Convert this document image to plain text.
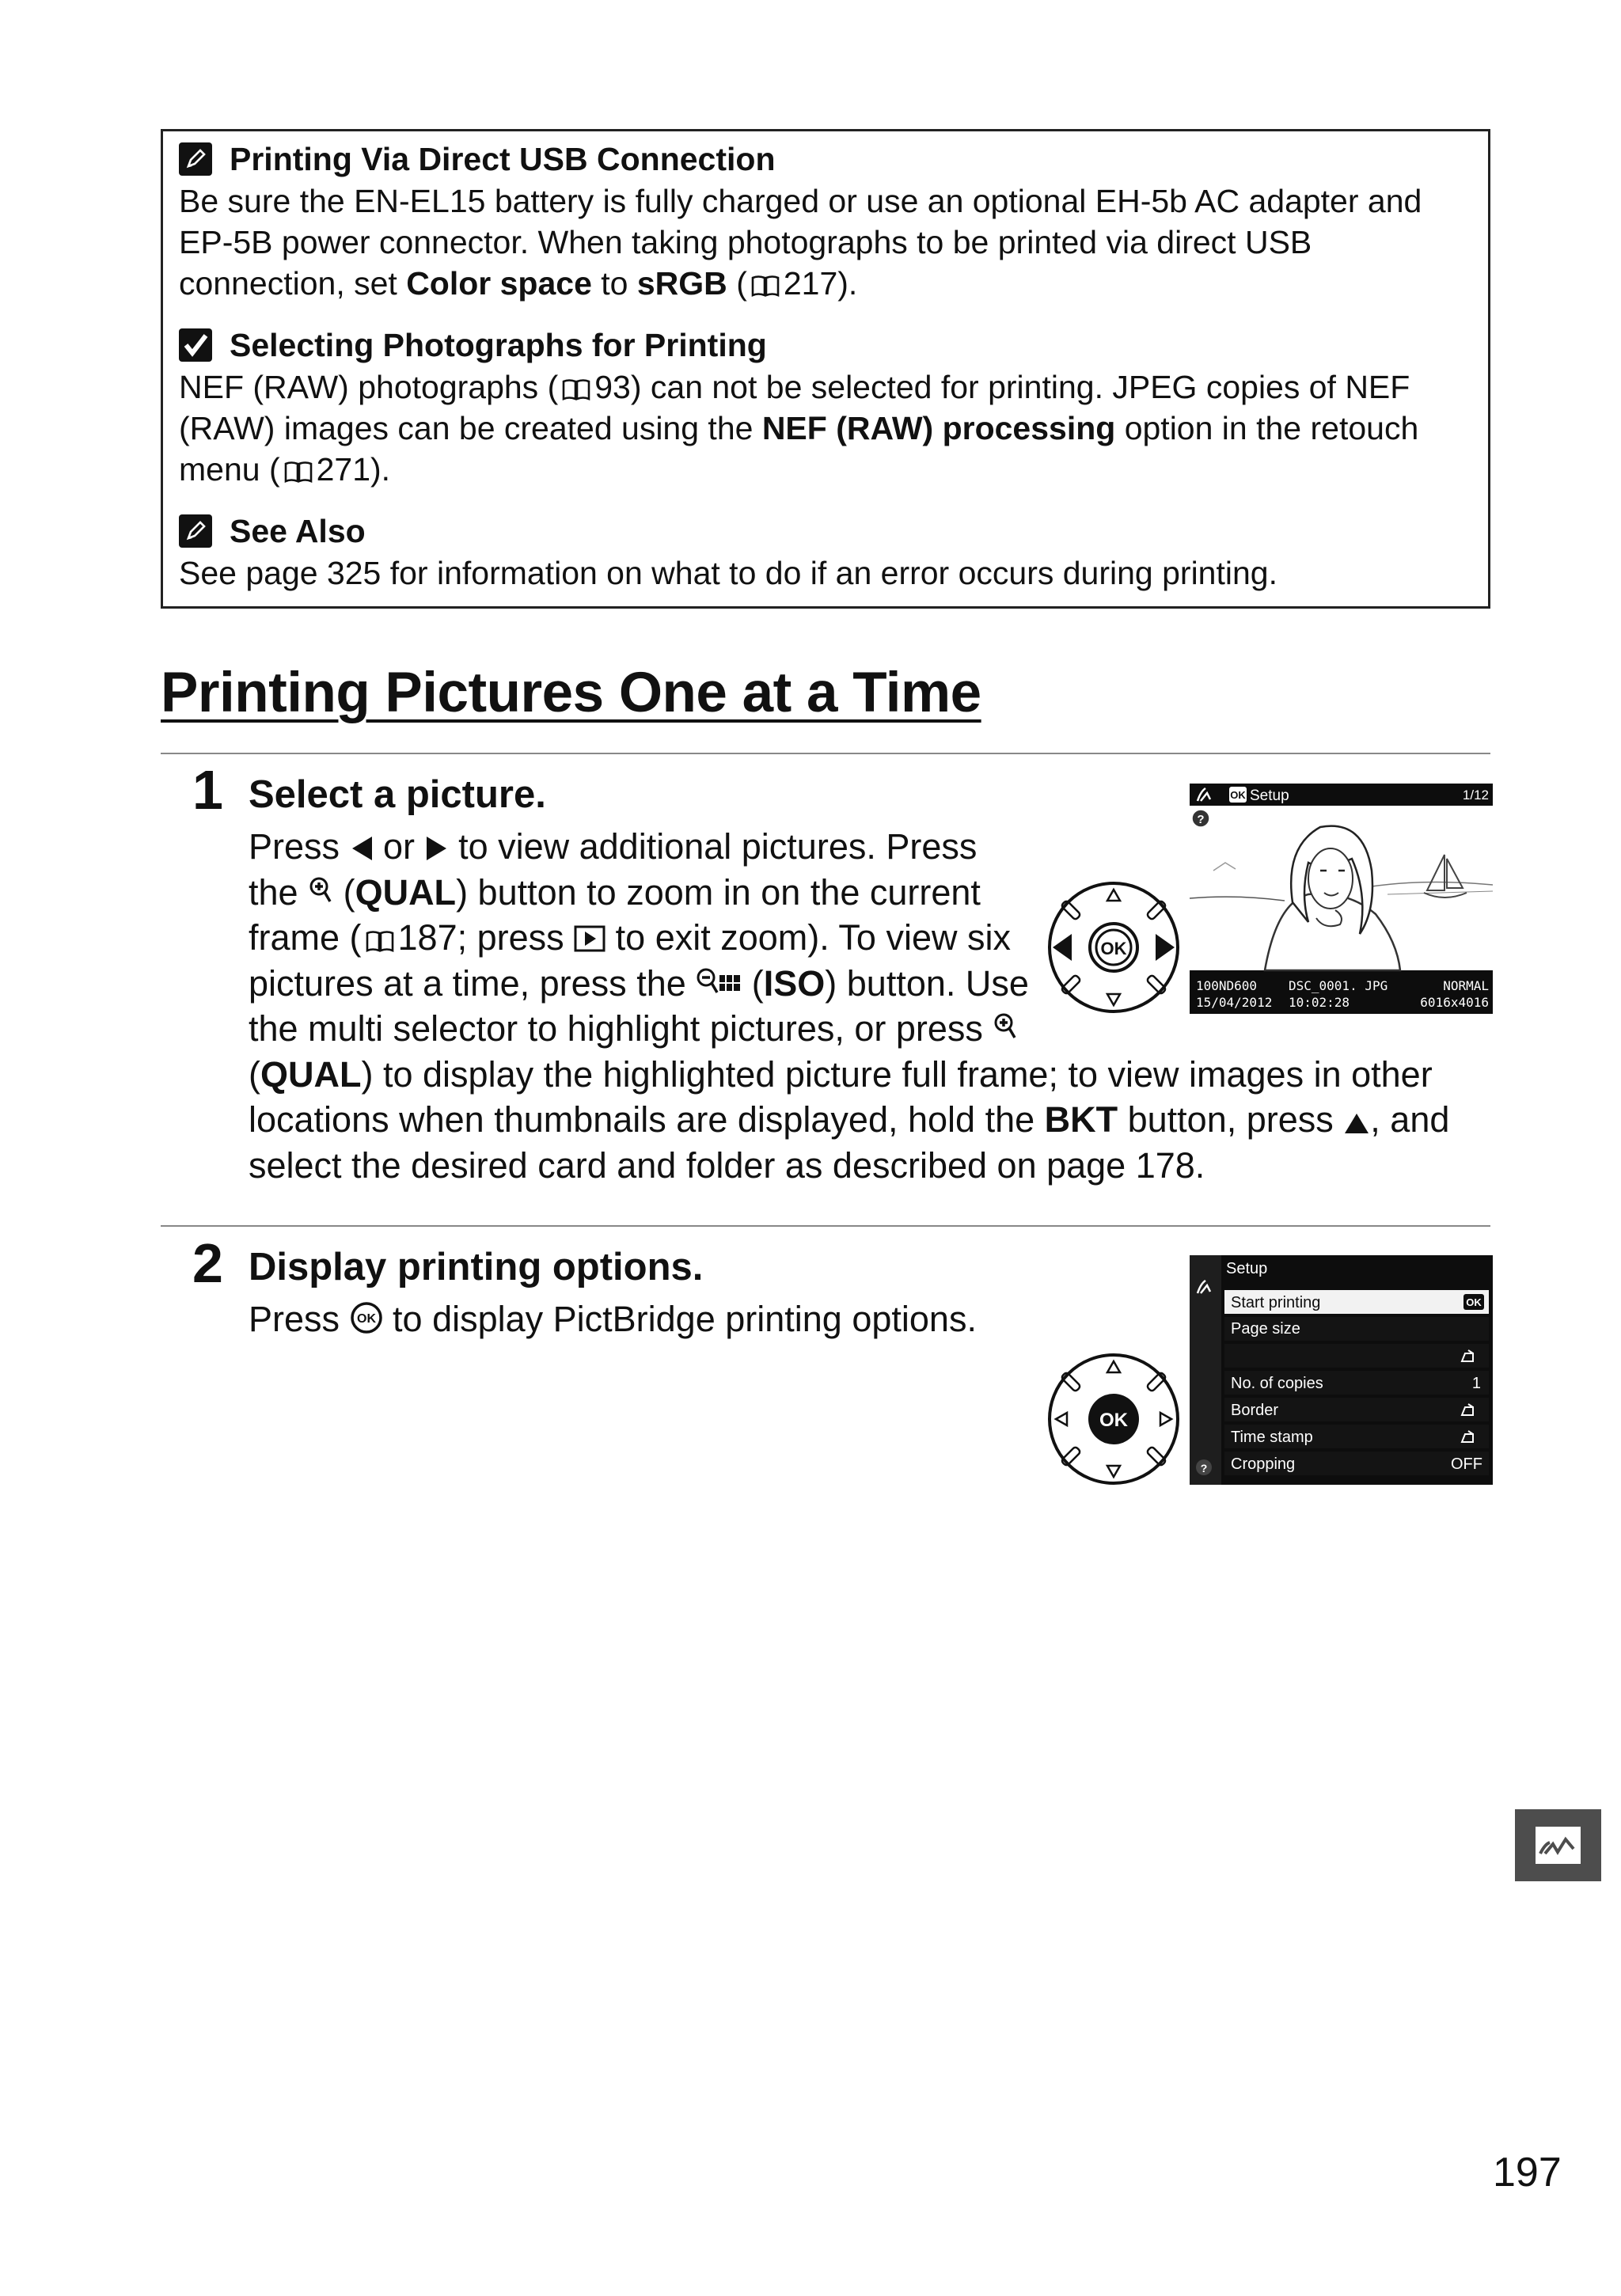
Printing Via Direct USB Connection
Be sure the EN-EL15 battery is fully charged or use an optional EH-5b AC adapter and EP-5B power connector. When taking photographs to be printed via direct USB connection, set Color space to sRGB ( 217).
Selecting Photographs for Printing
NEF (RAW) photographs ( 93) can not be selected for printing. JPEG copies of NEF (RAW) images can be created using the NEF (RAW) processing option in the retouch menu ( 271).
See Also
See page 325 for information on what to do if an error occurs during printing.
Printing Pictures One at a Time
1 Select a picture.
Press  or  to view additional pictures. Press the  (QUAL) button to zoom in on the current frame ( 187; press  to exit zoom). To view six pictures at a time, press the  (ISO) button. Use the multi selector to highlight pictures, or press
(QUAL) to display the highlighted picture full frame; to view images in other locations when thumbnails are displayed, hold the BKT button, press , and select the desired card and folder as described on page 178.
OK
OK Setup	1/12
?
100ND600 DSC_0001. JPG	NORMAL
15/04/2012 10:02:28	6016x4016
2 Display printing options.
Press OK to display PictBridge printing options.
OK
Setup
?
Start printing	OK
Page size
No. of copies	1
Border
Time stamp
Cropping	OFF
197
